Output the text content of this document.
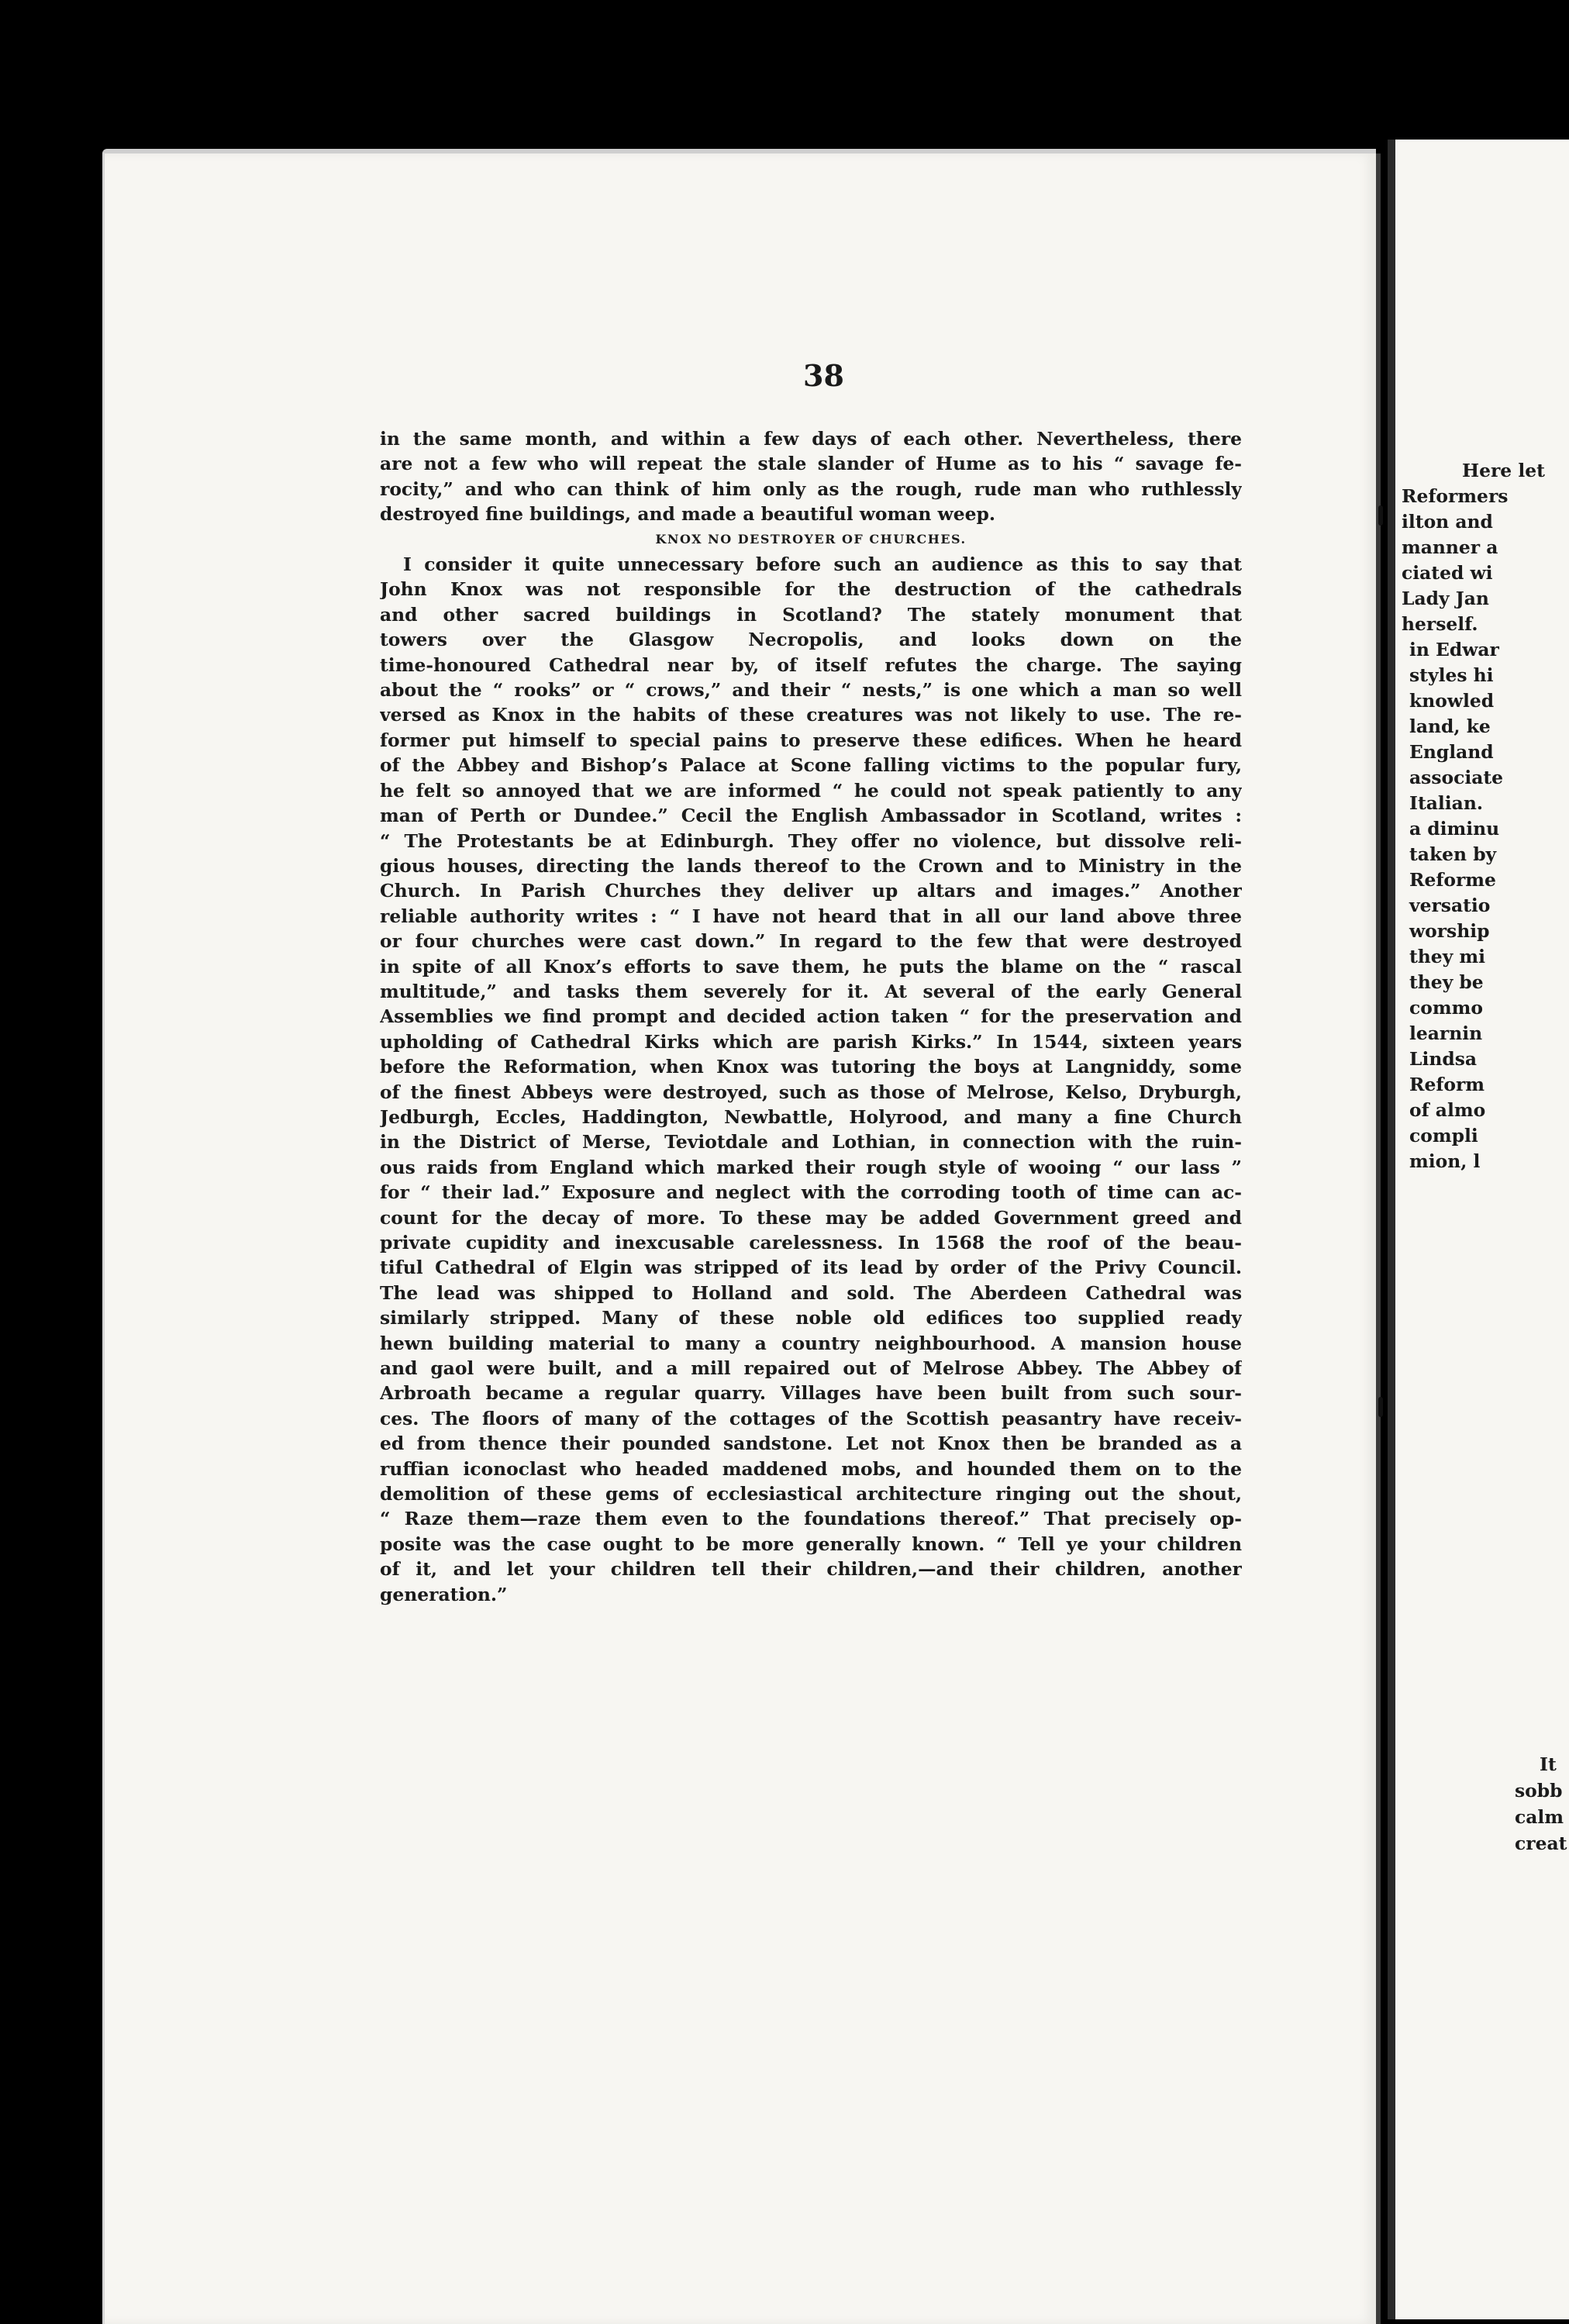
38
in the same month, and within a few days of each other. Nevertheless, there
are not a few who will repeat the stale slander of Hume as to his “ savage fe-
rocity,” and who can think of him only as the rough, rude man who ruthlessly
destroyed fine buildings, and made a beautiful woman weep.
KNOX NO DESTROYER OF CHURCHES.
I consider it quite unnecessary before such an audience as this to say that
John Knox was not responsible for the destruction of the cathedrals
and other sacred buildings in Scotland? The stately monument that
towers over the Glasgow Necropolis, and looks down on the
time-honoured Cathedral near by, of itself refutes the charge. The saying
about the “ rooks” or “ crows,” and their “ nests,” is one which a man so well
versed as Knox in the habits of these creatures was not likely to use. The re-
former put himself to special pains to preserve these edifices. When he heard
of the Abbey and Bishop’s Palace at Scone falling victims to the popular fury,
he felt so annoyed that we are informed “ he could not speak patiently to any
man of Perth or Dundee.” Cecil the English Ambassador in Scotland, writes :
“ The Protestants be at Edinburgh. They offer no violence, but dissolve reli-
gious houses, directing the lands thereof to the Crown and to Ministry in the
Church. In Parish Churches they deliver up altars and images.” Another
reliable authority writes : “ I have not heard that in all our land above three
or four churches were cast down.” In regard to the few that were destroyed
in spite of all Knox’s efforts to save them, he puts the blame on the “ rascal
multitude,” and tasks them severely for it. At several of the early General
Assemblies we find prompt and decided action taken “ for the preservation and
upholding of Cathedral Kirks which are parish Kirks.” In 1544, sixteen years
before the Reformation, when Knox was tutoring the boys at Langniddy, some
of the finest Abbeys were destroyed, such as those of Melrose, Kelso, Dryburgh,
Jedburgh, Eccles, Haddington, Newbattle, Holyrood, and many a fine Church
in the District of Merse, Teviotdale and Lothian, in connection with the ruin-
ous raids from England which marked their rough style of wooing “ our lass ”
for “ their lad.” Exposure and neglect with the corroding tooth of time can ac-
count for the decay of more. To these may be added Government greed and
private cupidity and inexcusable carelessness. In 1568 the roof of the beau-
tiful Cathedral of Elgin was stripped of its lead by order of the Privy Council.
The lead was shipped to Holland and sold. The Aberdeen Cathedral was
similarly stripped. Many of these noble old edifices too supplied ready
hewn building material to many a country neighbourhood. A mansion house
and gaol were built, and a mill repaired out of Melrose Abbey. The Abbey of
Arbroath became a regular quarry. Villages have been built from such sour-
ces. The floors of many of the cottages of the Scottish peasantry have receiv-
ed from thence their pounded sandstone. Let not Knox then be branded as a
ruffian iconoclast who headed maddened mobs, and hounded them on to the
demolition of these gems of ecclesiastical architecture ringing out the shout,
“ Raze them—raze them even to the foundations thereof.” That precisely op-
posite was the case ought to be more generally known. “ Tell ye your children
of it, and let your children tell their children,—and their children, another
generation.”
Here let
Reformers
ilton and
manner a
ciated wi
Lady Jan
herself.
in Edwar
styles hi
knowled
land, ke
England
associate
Italian.
a diminu
taken by
Reforme
versatio
worship
they mi
they be
commo
learnin
Lindsa
Reform
of almo
compli
mion, l
It
sobb
calm
creat
